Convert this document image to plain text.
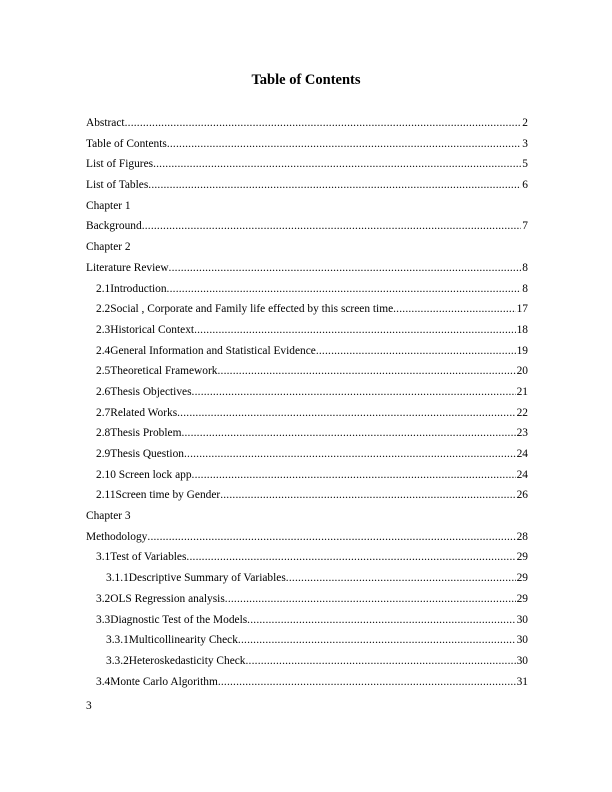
Table of Contents
Abstract .....	2
Table of Contents .....	3
List of Figures .....	5
List of Tables .....	6
Chapter 1
Background .....	7
Chapter 2
Literature Review .....	8
2.1Introduction .....	8
2.2Social , Corporate and Family life effected by this screen time .....	17
2.3Historical Context .....	18
2.4General Information and Statistical Evidence .....	19
2.5Theoretical Framework .....	20
2.6Thesis Objectives .....	21
2.7Related Works .....	22
2.8Thesis Problem .....	23
2.9Thesis Question .....	24
2.10 Screen lock app .....	24
2.11Screen time by Gender .....	26
Chapter 3
Methodology .....	28
3.1Test of Variables .....	29
3.1.1Descriptive Summary of Variables .....	29
3.2OLS Regression analysis .....	29
3.3Diagnostic Test of the Models .....	30
3.3.1Multicollinearity Check .....	30
3.3.2Heteroskedasticity Check .....	30
3.4Monte Carlo Algorithm .....	31
3
